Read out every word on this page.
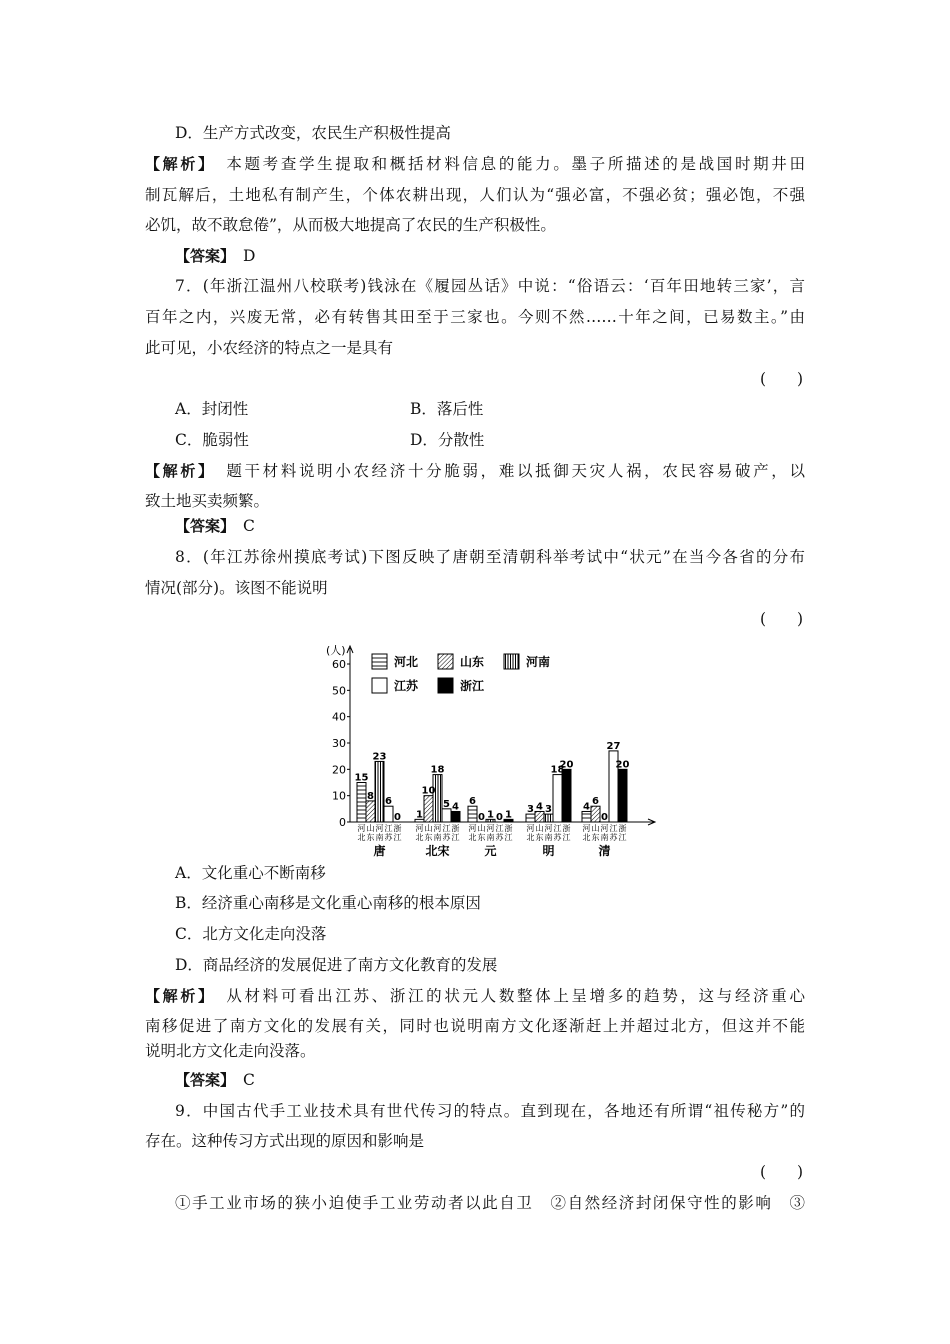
D．生产方式改变，农民生产积极性提高
【解析】　 本题考查学生提取和概括材料信息的能力。墨子所描述的是战国时期井田
制瓦解后，土地私有制产生，个体农耕出现，人们认为“强必富，不强必贫；强必饱，不强
必饥，故不敢怠倦”，从而极大地提高了农民的生产积极性。
【答案】　 D
7．(年浙江温州八校联考)钱泳在《履园丛话》中说：“俗语云：‘百年田地转三家’，言
百年之内，兴废无常，必有转售其田至于三家也。今则不然……十年之间，已易数主。”由
此可见，小农经济的特点之一是具有
(　　)
A．封闭性	B．落后性
C．脆弱性	D．分散性
【解析】　 题干材料说明小农经济十分脆弱，难以抵御天灾人祸，农民容易破产，以
致土地买卖频繁。
【答案】　 C
8．(年江苏徐州摸底考试)下图反映了唐朝至清朝科举考试中“状元”在当今各省的分布
情况(部分)。该图不能说明
(　　)
(人)
0
10
20
30
40
50
60	河北	山东	河南
江苏	浙江
15
河
北
8
山
东
23
河
南
6
江
苏
0
浙
江
唐
1
河
北
10
山
东
18
河
南
5
江
苏
4
浙
江
北宋
6
河
北
0
山
东
1
河
南
0
江
苏
1
浙
江
元
3
河
北
4
山
东
3
河
南
18
江
苏
20
浙
江
明
4
河
北
6
山
东
0
河
南
27
江
苏
20
浙
江
清
A．文化重心不断南移
B．经济重心南移是文化重心南移的根本原因
C．北方文化走向没落
D．商品经济的发展促进了南方文化教育的发展
【解析】　 从材料可看出江苏、浙江的状元人数整体上呈增多的趋势，这与经济重心
南移促进了南方文化的发展有关，同时也说明南方文化逐渐赶上并超过北方，但这并不能
说明北方文化走向没落。
【答案】　 C
9．中国古代手工业技术具有世代传习的特点。直到现在，各地还有所谓“祖传秘方”的
存在。这种传习方式出现的原因和影响是
(　　)
①手工业市场的狭小迫使手工业劳动者以此自卫　②自然经济封闭保守性的影响　③
